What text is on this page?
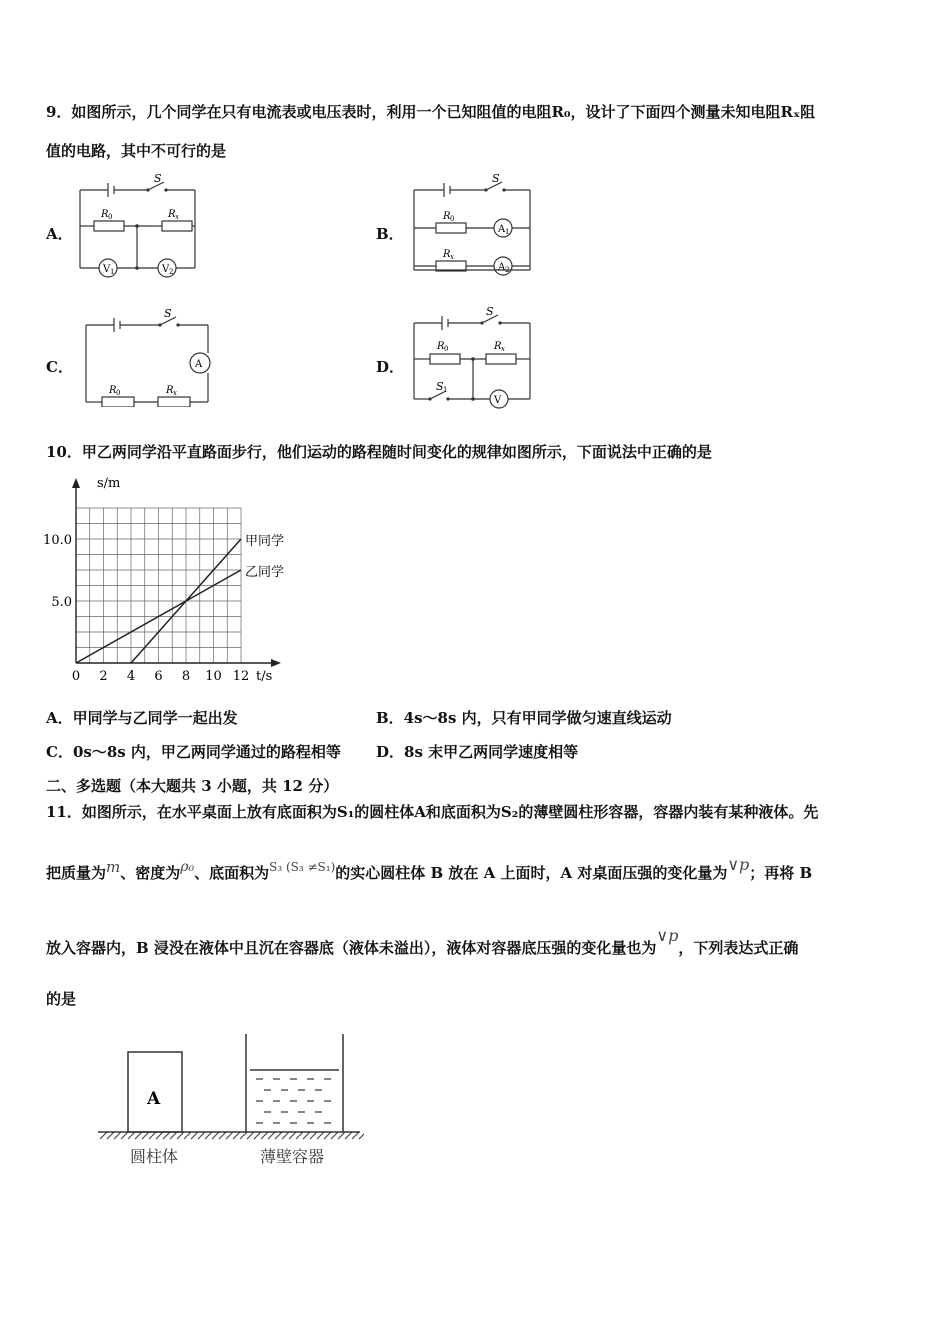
9．如图所示，几个同学在只有电流表或电压表时，利用一个已知阻值的电阻R₀，设计了下面四个测量未知电阻Rₓ阻
值的电路，其中不可行的是
A．	B．
C．	D．
S
R 0	R x
V 1	V 2
S
R 0
R x
A 1
A 2
S
A
R 0	R x
S
S 1
R 0	R x
V
10．甲乙两同学沿平直路面步行，他们运动的路程随时间变化的规律如图所示，下面说法中正确的是
0 2 4 6 8 10 12
5.0
10.0	甲同学
乙同学
s/m
t/s
A．甲同学与乙同学一起出发	B．4s～8s 内，只有甲同学做匀速直线运动
C．0s～8s 内，甲乙两同学通过的路程相等 D．8s 末甲乙两同学速度相等
二、多选题（本大题共 3 小题，共 12 分）
11．如图所示，在水平桌面上放有底面积为S₁的圆柱体A和底面积为S₂的薄壁圆柱形容器，容器内装有某种液体。先
把质量为m、密度为ρ₀、底面积为$^{S_3 (S_3 \ne S_1)}$的实心圆柱体 B 放在 A 上面时，A 对桌面压强的变化量为∨p；再将 B
放入容器内，B 浸没在液体中且沉在容器底（液体未溢出），液体对容器底压强的变化量也为∨p，下列表达式正确
的是
A
圆柱体	薄壁容器
